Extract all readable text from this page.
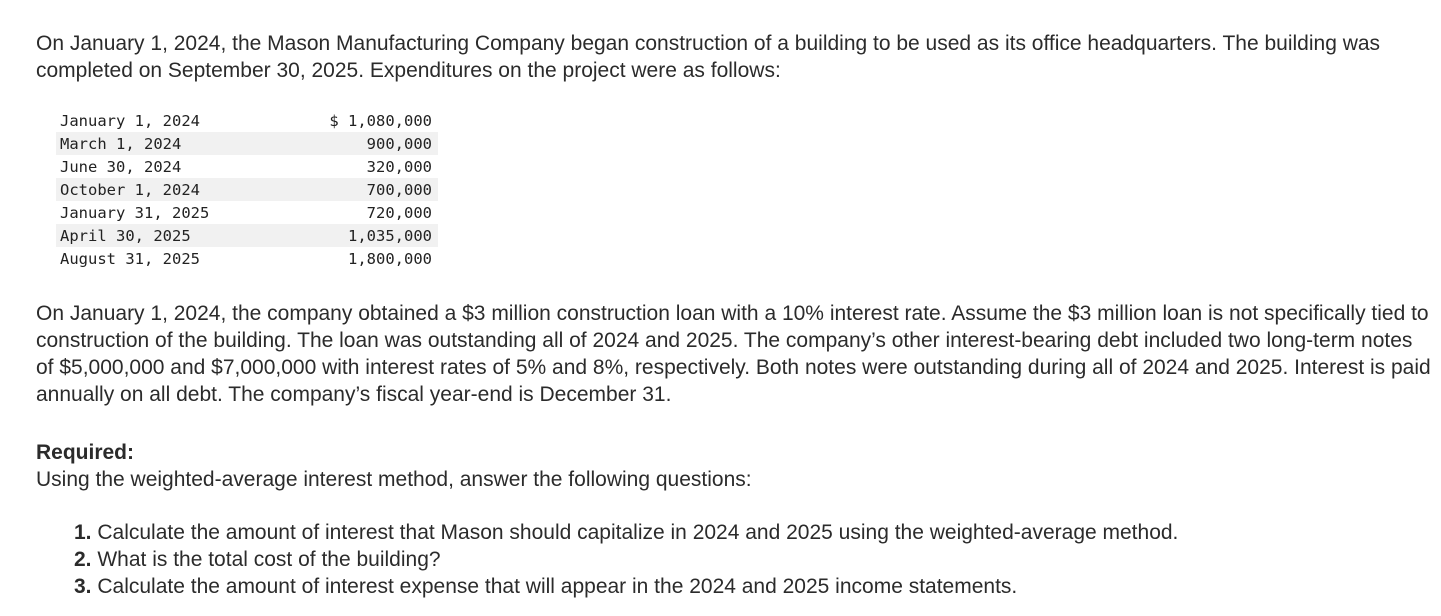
On January 1, 2024, the Mason Manufacturing Company began construction of a building to be used as its office headquarters. The building was completed on September 30, 2025. Expenditures on the project were as follows:

January 1, 2024	$ 1,080,000
March 1, 2024	900,000
June 30, 2024	320,000
October 1, 2024	700,000
January 31, 2025	720,000
April 30, 2025	1,035,000
August 31, 2025	1,800,000

On January 1, 2024, the company obtained a $3 million construction loan with a 10% interest rate. Assume the $3 million loan is not specifically tied to construction of the building. The loan was outstanding all of 2024 and 2025. The company’s other interest-bearing debt included two long-term notes of $5,000,000 and $7,000,000 with interest rates of 5% and 8%, respectively. Both notes were outstanding during all of 2024 and 2025. Interest is paid annually on all debt. The company’s fiscal year-end is December 31.

Required:

Using the weighted-average interest method, answer the following questions:

1. Calculate the amount of interest that Mason should capitalize in 2024 and 2025 using the weighted-average method.
2. What is the total cost of the building?
3. Calculate the amount of interest expense that will appear in the 2024 and 2025 income statements.
